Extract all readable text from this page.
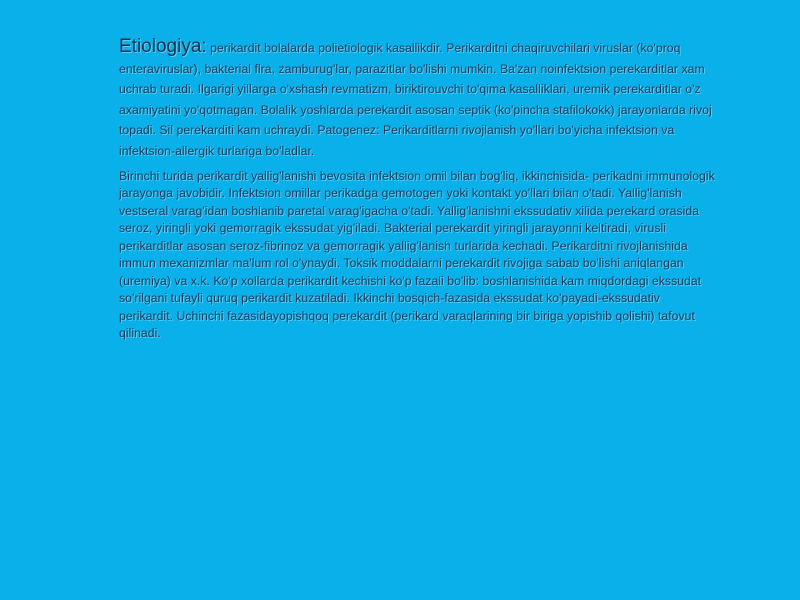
Etiologiya: perikardit bolalarda polietiologik kasallikdir. Perikarditni chaqiruvchilari viruslar (ko'proq enteraviruslar), bakterial flra, zamburug'lar, parazitlar bo'lishi mumkin. Ba'zan noinfektsion perekarditlar xam uchrab turadi. Ilgarigi yillarga o'xshash revmatizm, biriktirouvchi to'qima kasalliklari, uremik perekarditlar o'z axamiyatini yo'qotmagan. Bolalik yoshlarda perekardit asosan septik (ko'pincha stafilokokk) jarayonlarda rivoj topadi. Sil perekarditi kam uchraydi. Patogenez: Perikarditlarni rivojlanish yo'llari bo'yicha infektsion va infektsion-allergik turlariga bo'ladlar.

Birinchi turida perikardit yallig'lanishi bevosita infektsion omil bilan bog'liq, ikkinchisida- perikadni immunologik jarayonga javobidir. Infektsion omillar perikadga gemotogen yoki kontakt yo'llari bilan o'tadi. Yallig'lanish vestseral varag'idan boshlanib paretal varag'igacha o'tadi. Yallig'lanishni ekssudativ xilida perekard orasida seroz, yiringli yoki gemorragik ekssudat yig'iladi. Bakterial perekardit yiringli jarayonni keltiradi, virusli perikarditlar asosan seroz-fibrinoz va gemorragik yallig'lanish turlarida kechadi. Perikarditni rivojlanishida immun mexanizmlar ma'lum rol o'ynaydi. Toksik moddalarni perekardit rivojiga sabab bo'lishi aniqlangan (uremiya) va x.k. Ko'p xollarda perikardit kechishi ko'p fazali bo'lib: boshlanishida kam miqdordagi ekssudat so'rilgani tufayli quruq perikardit kuzatiladi. Ikkinchi bosqich-fazasida ekssudat ko'payadi-ekssudativ perikardit. Uchinchi fazasidayopishqoq perekardit (perikard varaqlarining bir biriga yopishib qolishi) tafovut qilinadi.
